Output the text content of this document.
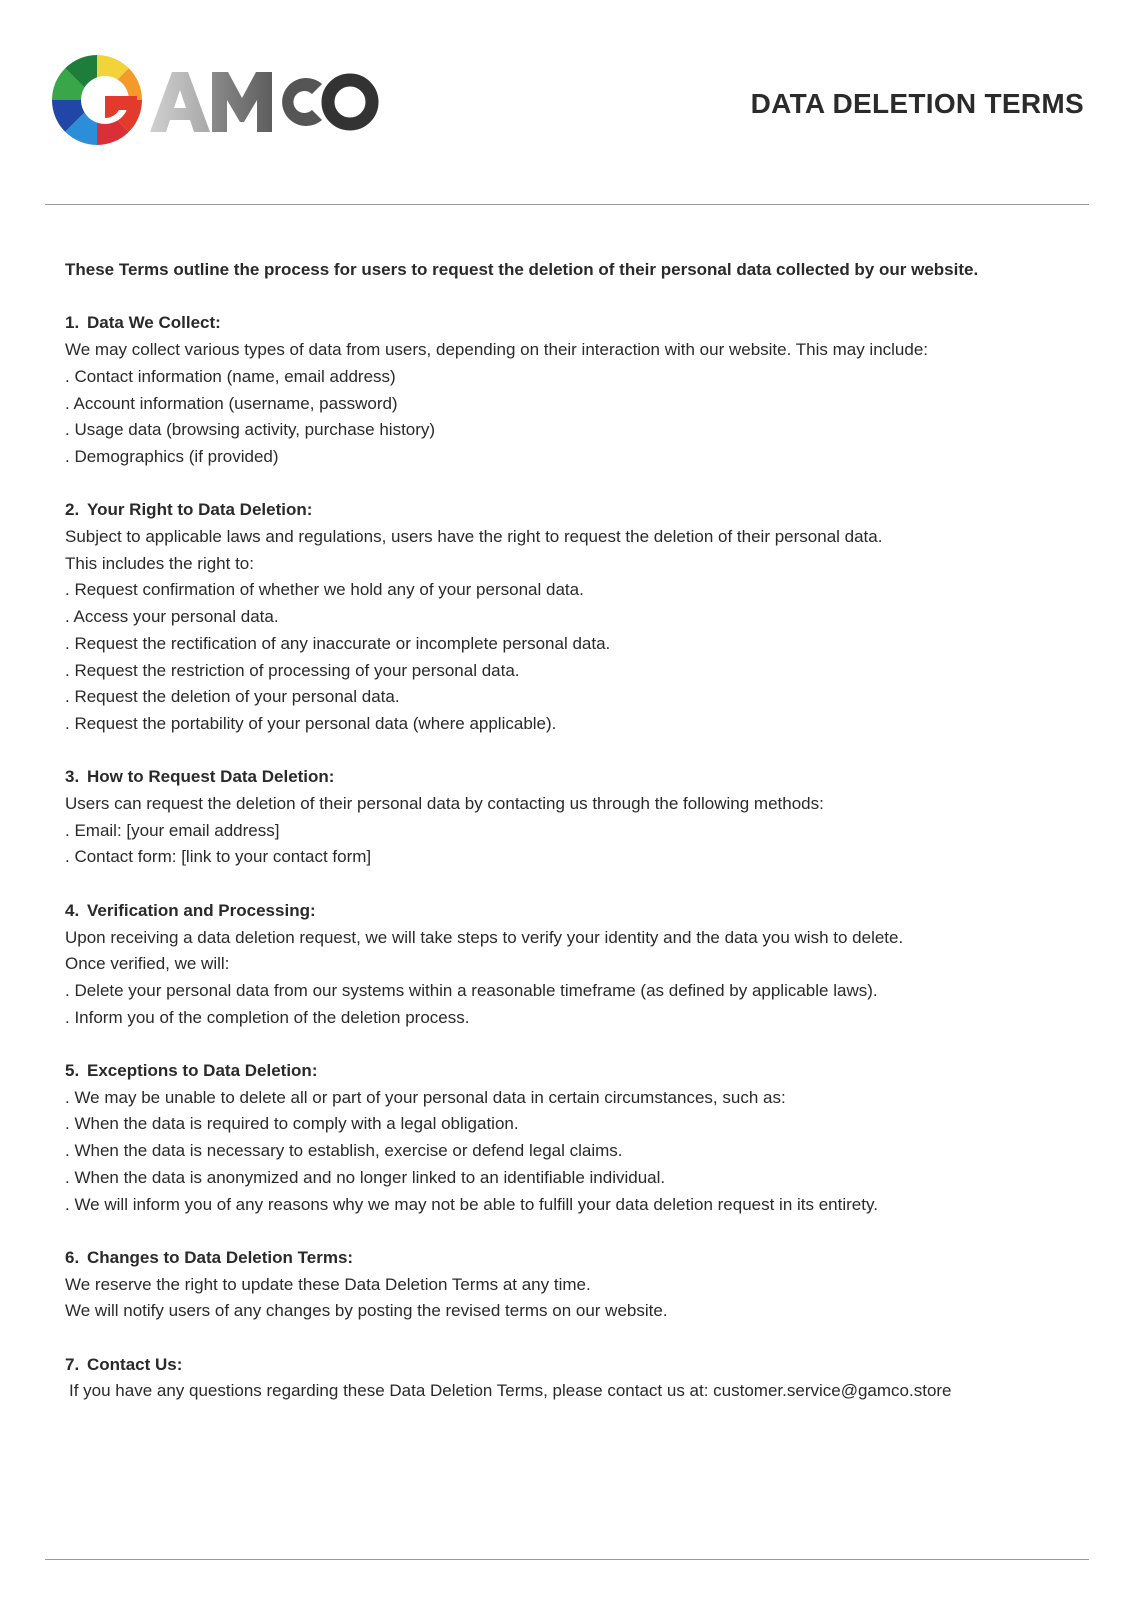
DATA DELETION TERMS

These Terms outline the process for users to request the deletion of their personal data collected by our website.

1. Data We Collect:
We may collect various types of data from users, depending on their interaction with our website. This may include:
. Contact information (name, email address)
. Account information (username, password)
. Usage data (browsing activity, purchase history)
. Demographics (if provided)
2. Your Right to Data Deletion:
Subject to applicable laws and regulations, users have the right to request the deletion of their personal data.
This includes the right to:
. Request confirmation of whether we hold any of your personal data.
. Access your personal data.
. Request the rectification of any inaccurate or incomplete personal data.
. Request the restriction of processing of your personal data.
. Request the deletion of your personal data.
. Request the portability of your personal data (where applicable).
3. How to Request Data Deletion:
Users can request the deletion of their personal data by contacting us through the following methods:
. Email: [your email address]
. Contact form: [link to your contact form]
4. Verification and Processing:
Upon receiving a data deletion request, we will take steps to verify your identity and the data you wish to delete.
Once verified, we will:
. Delete your personal data from our systems within a reasonable timeframe (as defined by applicable laws).
. Inform you of the completion of the deletion process.
5. Exceptions to Data Deletion:
. We may be unable to delete all or part of your personal data in certain circumstances, such as:
. When the data is required to comply with a legal obligation.
. When the data is necessary to establish, exercise or defend legal claims.
. When the data is anonymized and no longer linked to an identifiable individual.
. We will inform you of any reasons why we may not be able to fulfill your data deletion request in its entirety.
6. Changes to Data Deletion Terms:
We reserve the right to update these Data Deletion Terms at any time.
We will notify users of any changes by posting the revised terms on our website.
7. Contact Us:
If you have any questions regarding these Data Deletion Terms, please contact us at: customer.service@gamco.store
